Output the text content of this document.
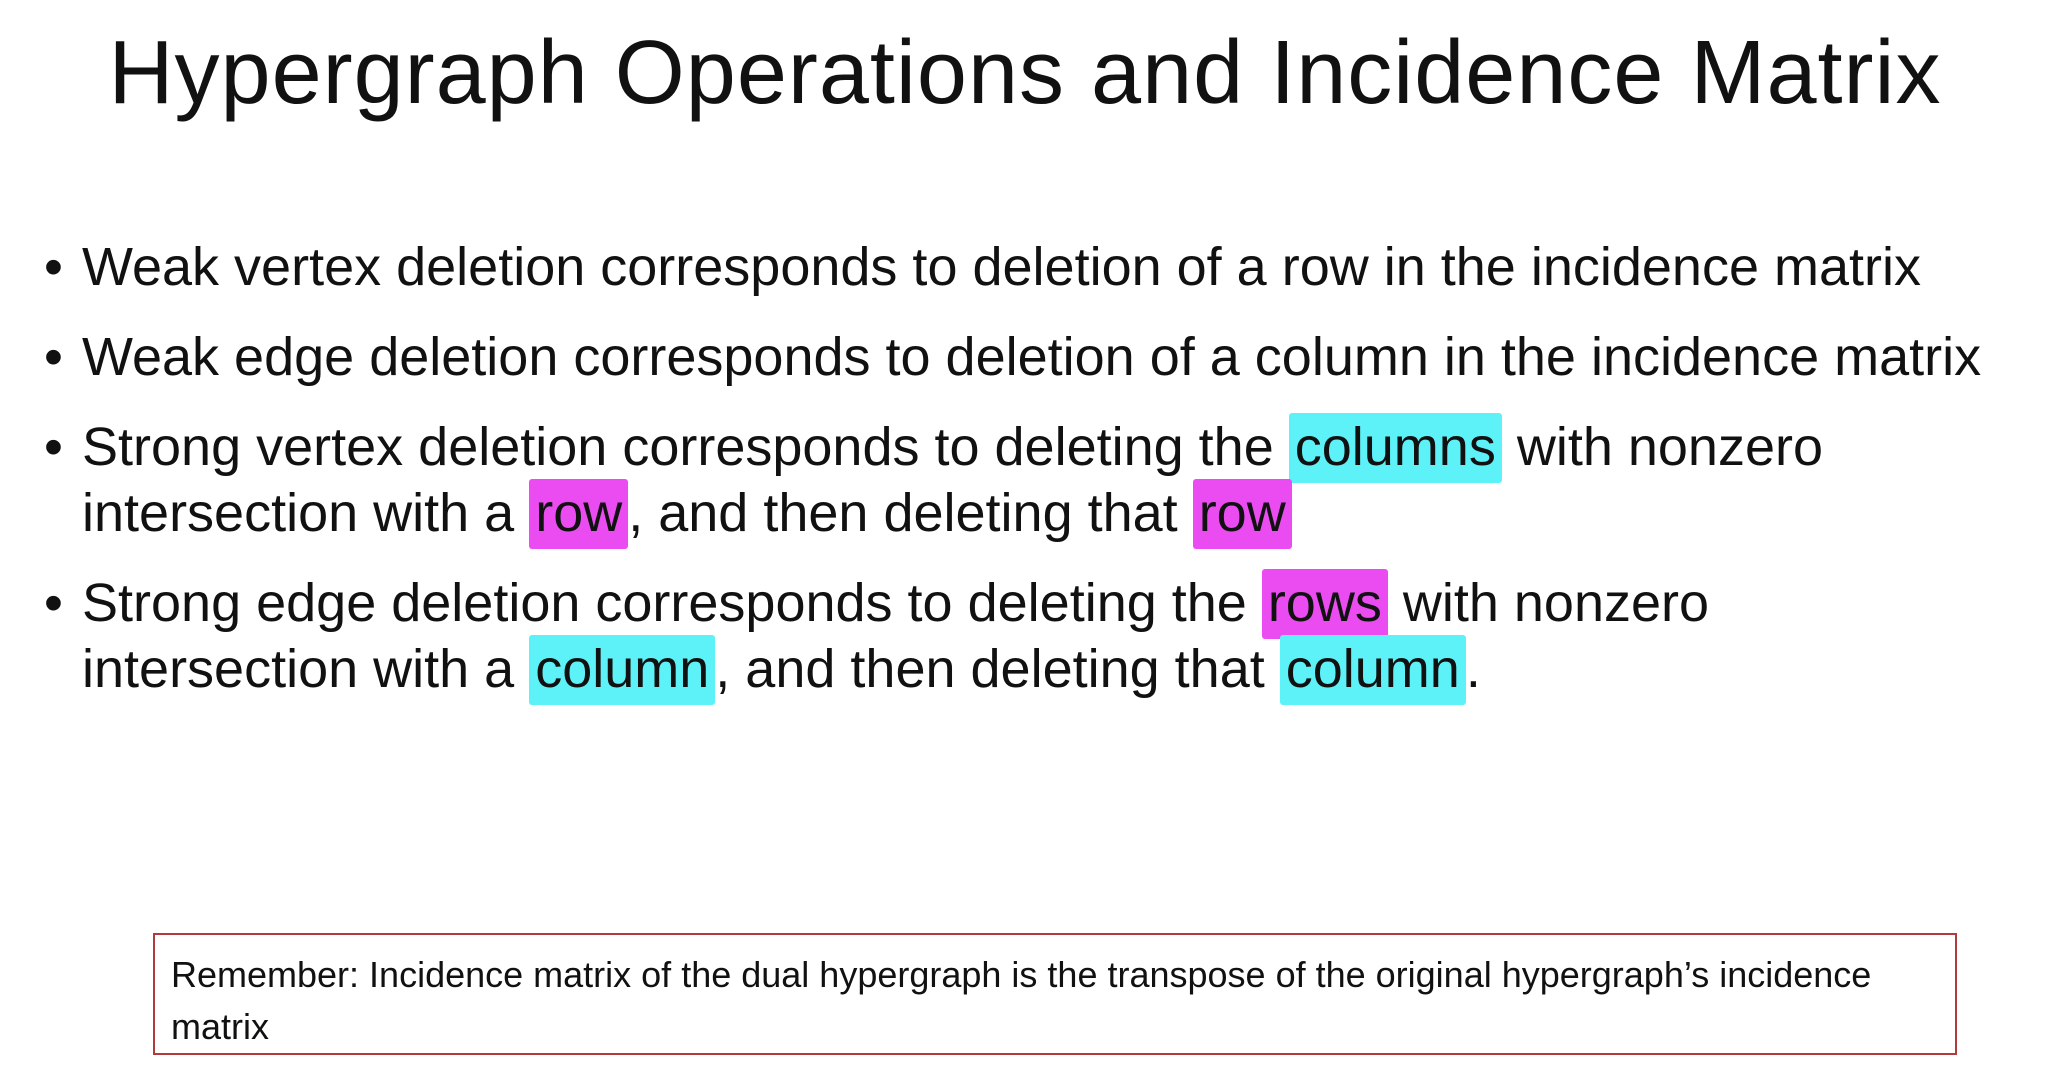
Hypergraph Operations and Incidence Matrix
• Weak vertex deletion corresponds to deletion of a row in the incidence matrix
• Weak edge deletion corresponds to deletion of a column in the incidence matrix
• Strong vertex deletion corresponds to deleting the columns with nonzero intersection with a row , and then deleting that row
• Strong edge deletion corresponds to deleting the rows with nonzero intersection with a column , and then deleting that column .
Remember: Incidence matrix of the dual hypergraph is the transpose of the original hypergraph’s incidence matrix
